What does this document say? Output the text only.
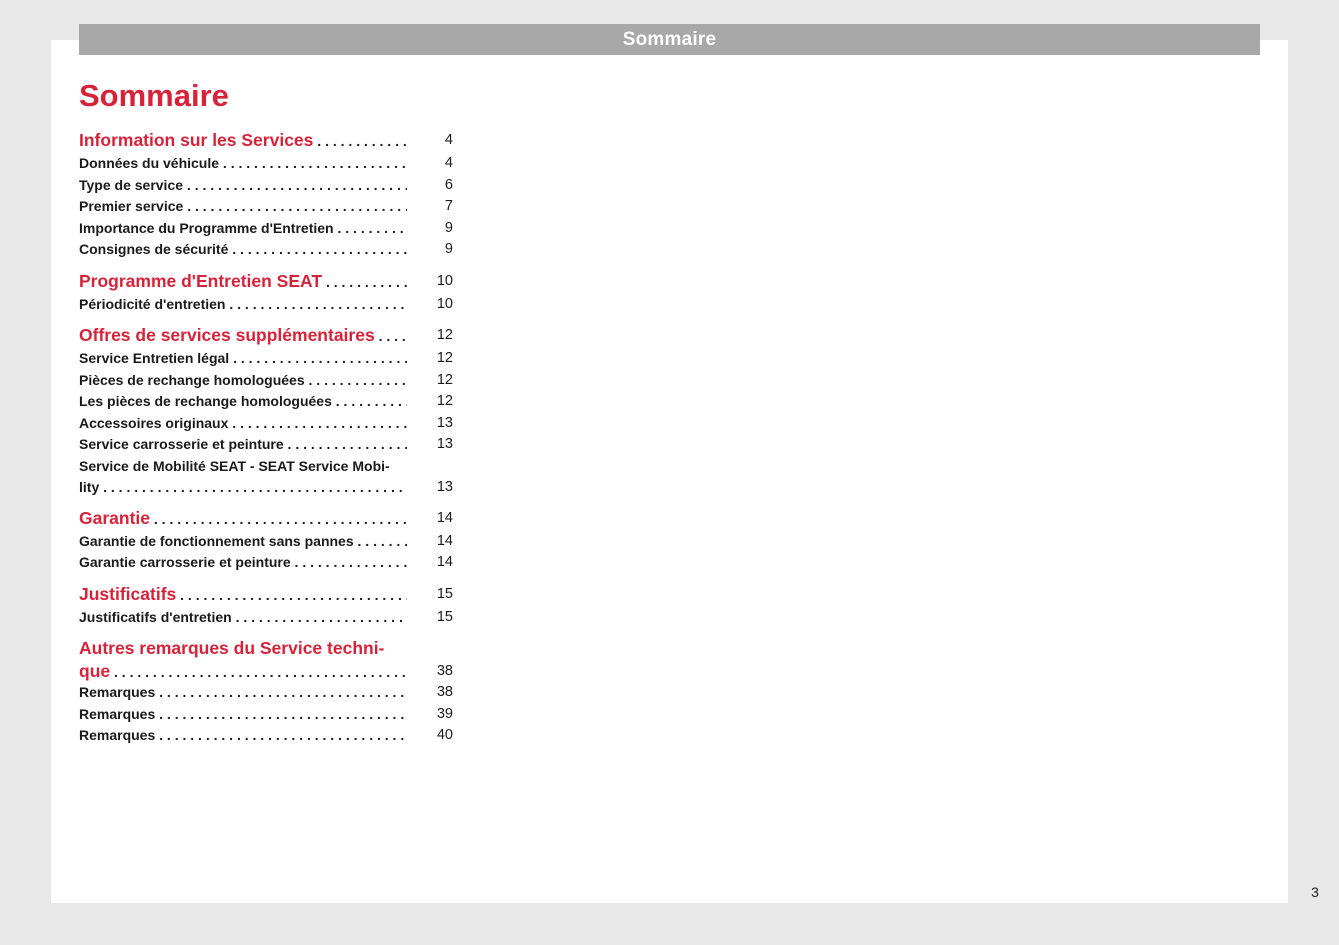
Sommaire
Sommaire
Information sur les Services . . .	4
Données du véhicule . . .	4
Type de service . . .	6
Premier service . . .	7
Importance du Programme d'Entretien . . .	9
Consignes de sécurité . . .	9
Programme d'Entretien SEAT . . .	10
Périodicité d'entretien . . .	10
Offres de services supplémentaires . . .	12
Service Entretien légal . . .	12
Pièces de rechange homologuées . . .	12
Les pièces de rechange homologuées . . .	12
Accessoires originaux . . .	13
Service carrosserie et peinture . . .	13
Service de Mobilité SEAT - SEAT Service Mobi-
lity . . .	13
Garantie . . .	14
Garantie de fonctionnement sans pannes . . .	14
Garantie carrosserie et peinture . . .	14
Justificatifs . . .	15
Justificatifs d'entretien . . .	15
Autres remarques du Service techni-
que . . .	38
Remarques . . .	38
Remarques . . .	39
Remarques . . .	40
3
